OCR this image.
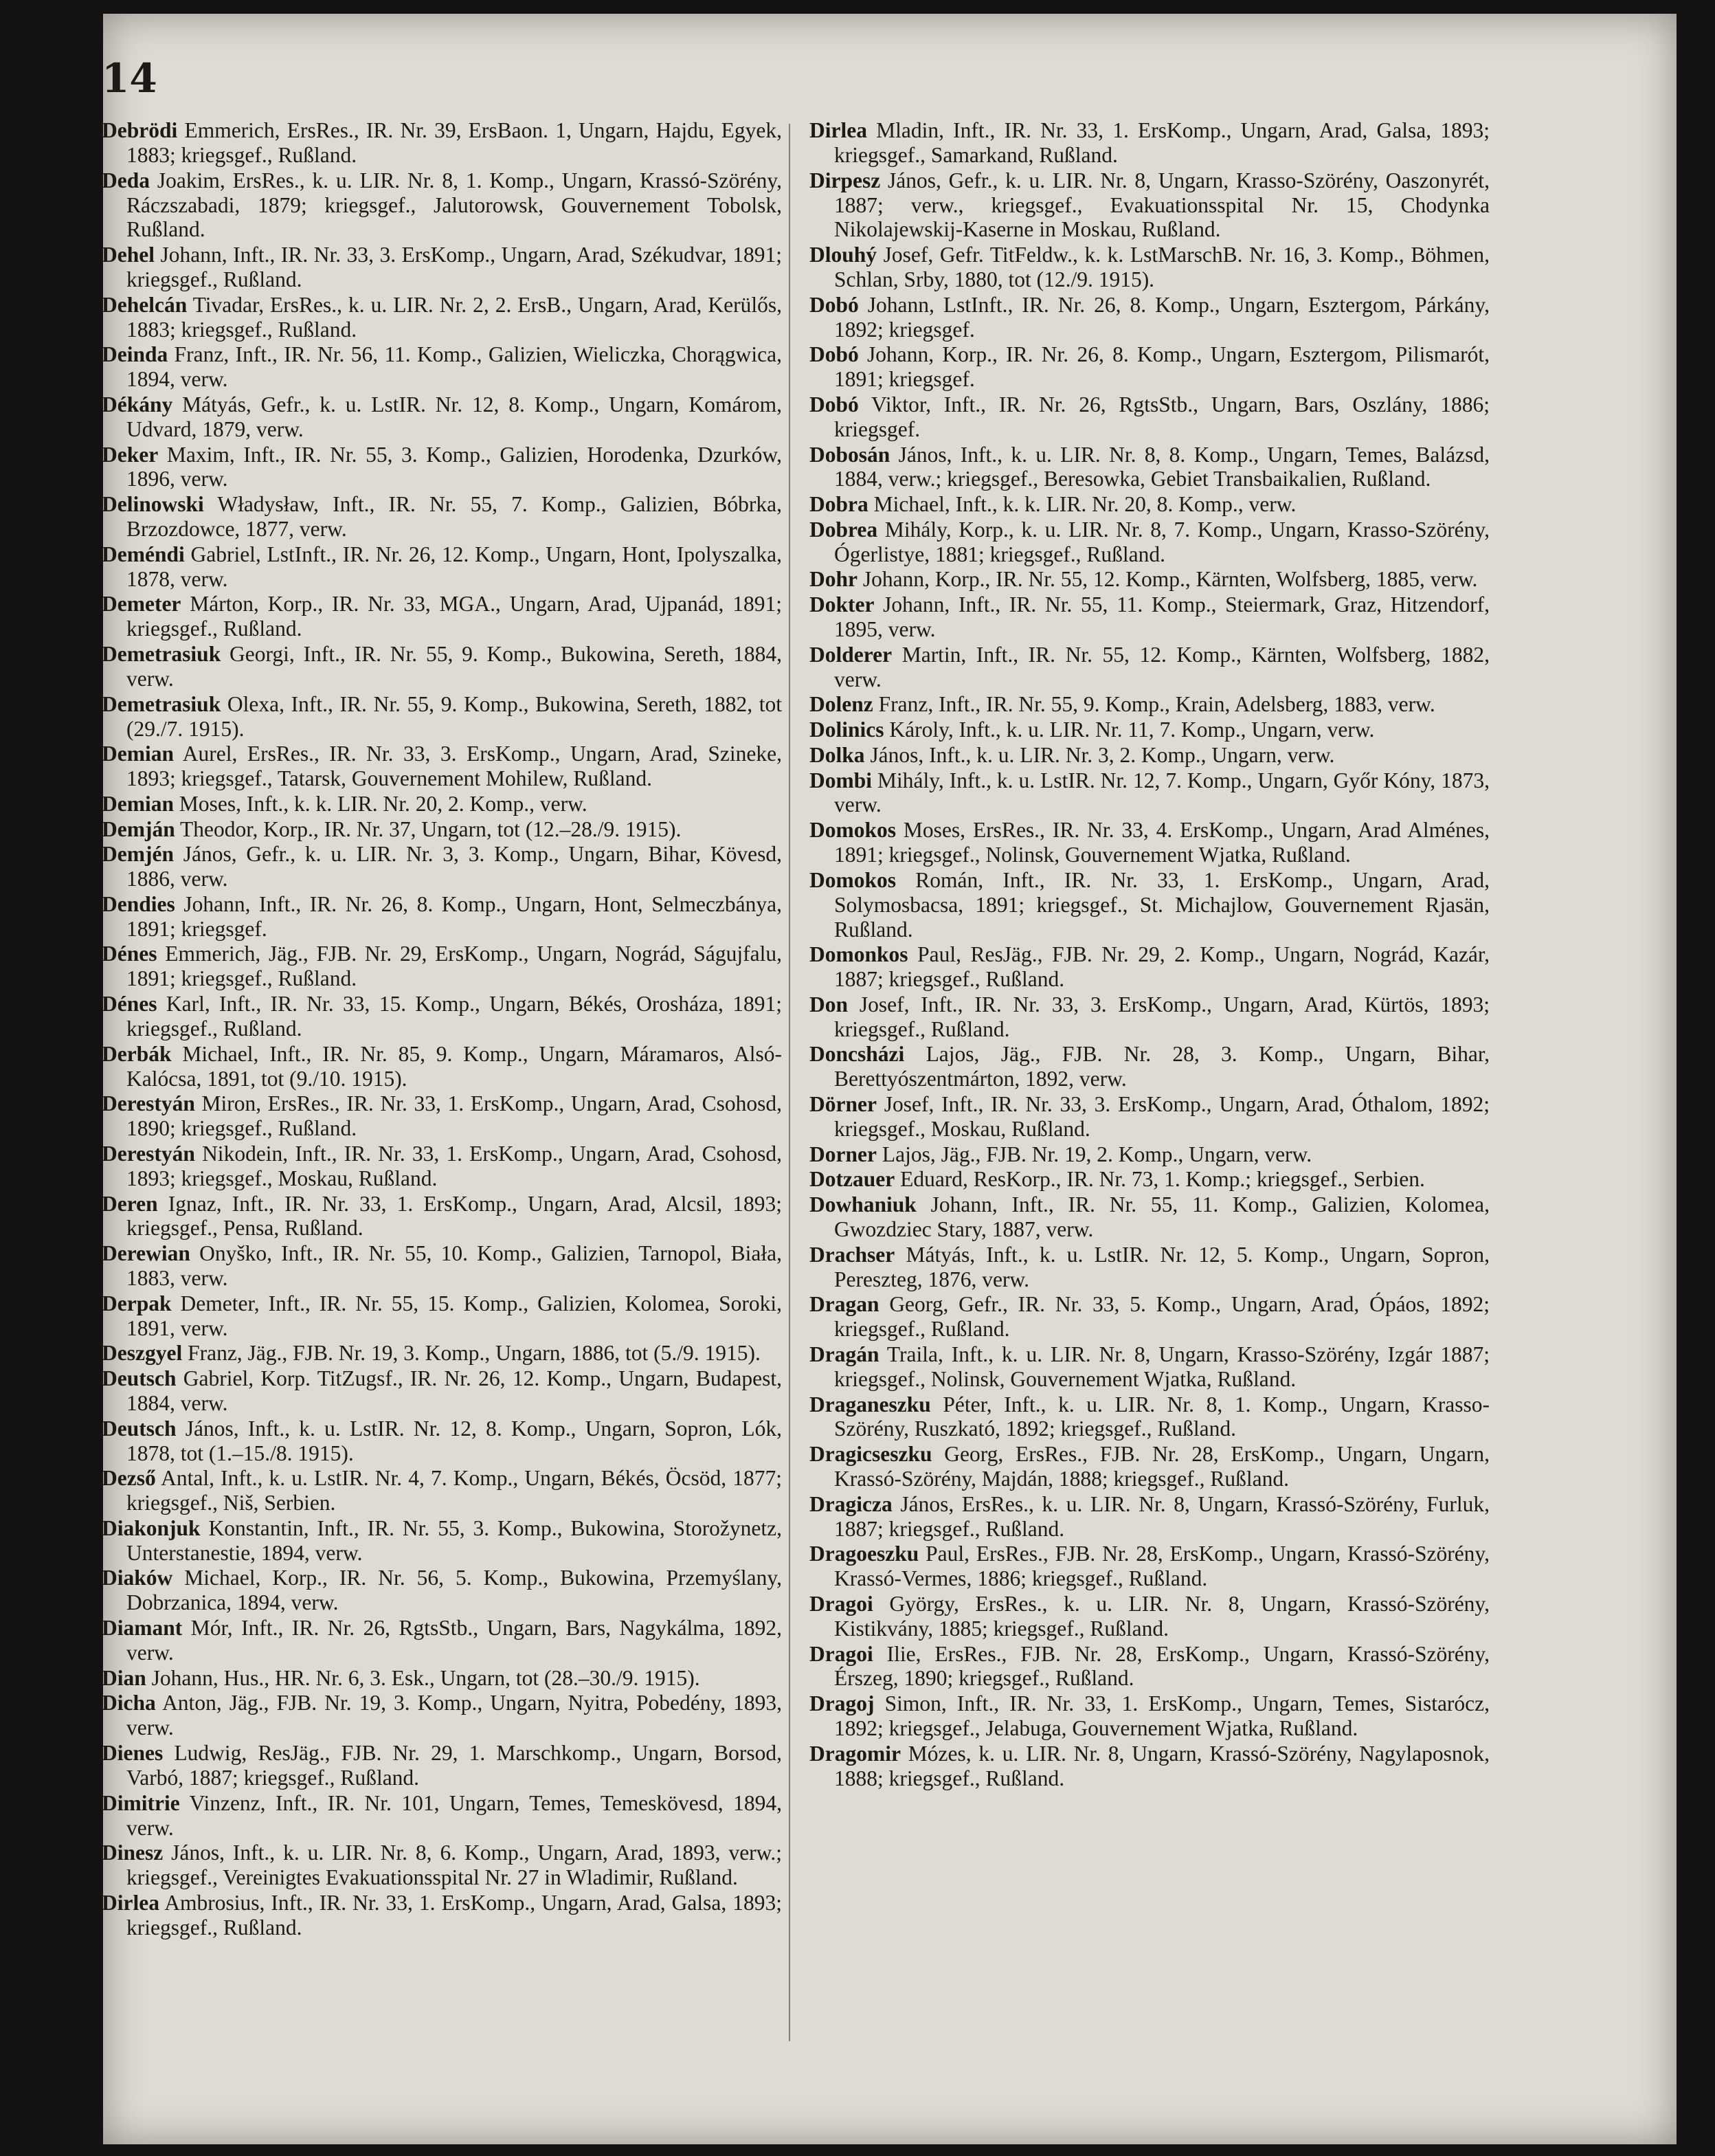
14

Debrödi Emmerich, ErsRes., IR. Nr. 39, ErsBaon. 1, Ungarn, Hajdu, Egyek, 1883; kriegsgef., Rußland.

Deda Joakim, ErsRes., k. u. LIR. Nr. 8, 1. Komp., Ungarn, Krassó-Szörény, Ráczszabadi, 1879; kriegsgef., Jalutorowsk, Gouvernement Tobolsk, Rußland.

Dehel Johann, Inft., IR. Nr. 33, 3. ErsKomp., Ungarn, Arad, Székudvar, 1891; kriegsgef., Rußland.

Dehelcán Tivadar, ErsRes., k. u. LIR. Nr. 2, 2. ErsB., Ungarn, Arad, Kerülős, 1883; kriegsgef., Rußland.

Deinda Franz, Inft., IR. Nr. 56, 11. Komp., Galizien, Wieliczka, Chorągwica, 1894, verw.

Dékány Mátyás, Gefr., k. u. LstIR. Nr. 12, 8. Komp., Ungarn, Komárom, Udvard, 1879, verw.

Deker Maxim, Inft., IR. Nr. 55, 3. Komp., Galizien, Horodenka, Dzurków, 1896, verw.

Delinowski Władysław, Inft., IR. Nr. 55, 7. Komp., Galizien, Bóbrka, Brzozdowce, 1877, verw.

Deméndi Gabriel, LstInft., IR. Nr. 26, 12. Komp., Ungarn, Hont, Ipolyszalka, 1878, verw.

Demeter Márton, Korp., IR. Nr. 33, MGA., Ungarn, Arad, Ujpanád, 1891; kriegsgef., Rußland.

Demetrasiuk Georgi, Inft., IR. Nr. 55, 9. Komp., Bukowina, Sereth, 1884, verw.

Demetrasiuk Olexa, Inft., IR. Nr. 55, 9. Komp., Bukowina, Sereth, 1882, tot (29./7. 1915).

Demian Aurel, ErsRes., IR. Nr. 33, 3. ErsKomp., Ungarn, Arad, Szineke, 1893; kriegsgef., Tatarsk, Gouvernement Mohilew, Rußland.

Demian Moses, Inft., k. k. LIR. Nr. 20, 2. Komp., verw.

Demján Theodor, Korp., IR. Nr. 37, Ungarn, tot (12.–28./9. 1915).

Demjén János, Gefr., k. u. LIR. Nr. 3, 3. Komp., Ungarn, Bihar, Kövesd, 1886, verw.

Dendies Johann, Inft., IR. Nr. 26, 8. Komp., Ungarn, Hont, Selmeczbánya, 1891; kriegsgef.

Dénes Emmerich, Jäg., FJB. Nr. 29, ErsKomp., Ungarn, Nográd, Ságujfalu, 1891; kriegsgef., Rußland.

Dénes Karl, Inft., IR. Nr. 33, 15. Komp., Ungarn, Békés, Orosháza, 1891; kriegsgef., Rußland.

Derbák Michael, Inft., IR. Nr. 85, 9. Komp., Ungarn, Máramaros, Alsó-Kalócsa, 1891, tot (9./10. 1915).

Derestyán Miron, ErsRes., IR. Nr. 33, 1. ErsKomp., Ungarn, Arad, Csohosd, 1890; kriegsgef., Rußland.

Derestyán Nikodein, Inft., IR. Nr. 33, 1. ErsKomp., Ungarn, Arad, Csohosd, 1893; kriegsgef., Moskau, Rußland.

Deren Ignaz, Inft., IR. Nr. 33, 1. ErsKomp., Ungarn, Arad, Alcsil, 1893; kriegsgef., Pensa, Rußland.

Derewian Onyško, Inft., IR. Nr. 55, 10. Komp., Galizien, Tarnopol, Biała, 1883, verw.

Derpak Demeter, Inft., IR. Nr. 55, 15. Komp., Galizien, Kolomea, Soroki, 1891, verw.

Deszgyel Franz, Jäg., FJB. Nr. 19, 3. Komp., Ungarn, 1886, tot (5./9. 1915).

Deutsch Gabriel, Korp. TitZugsf., IR. Nr. 26, 12. Komp., Ungarn, Budapest, 1884, verw.

Deutsch János, Inft., k. u. LstIR. Nr. 12, 8. Komp., Ungarn, Sopron, Lók, 1878, tot (1.–15./8. 1915).

Dezső Antal, Inft., k. u. LstIR. Nr. 4, 7. Komp., Ungarn, Békés, Öcsöd, 1877; kriegsgef., Niš, Serbien.

Diakonjuk Konstantin, Inft., IR. Nr. 55, 3. Komp., Bukowina, Storožynetz, Unterstanestie, 1894, verw.

Diaków Michael, Korp., IR. Nr. 56, 5. Komp., Bukowina, Przemyślany, Dobrzanica, 1894, verw.

Diamant Mór, Inft., IR. Nr. 26, RgtsStb., Ungarn, Bars, Nagykálma, 1892, verw.

Dian Johann, Hus., HR. Nr. 6, 3. Esk., Ungarn, tot (28.–30./9. 1915).

Dicha Anton, Jäg., FJB. Nr. 19, 3. Komp., Ungarn, Nyitra, Pobedény, 1893, verw.

Dienes Ludwig, ResJäg., FJB. Nr. 29, 1. Marschkomp., Ungarn, Borsod, Varbó, 1887; kriegsgef., Rußland.

Dimitrie Vinzenz, Inft., IR. Nr. 101, Ungarn, Temes, Temeskövesd, 1894, verw.

Dinesz János, Inft., k. u. LIR. Nr. 8, 6. Komp., Ungarn, Arad, 1893, verw.; kriegsgef., Vereinigtes Evakuationsspital Nr. 27 in Wladimir, Rußland.

Dirlea Ambrosius, Inft., IR. Nr. 33, 1. ErsKomp., Ungarn, Arad, Galsa, 1893; kriegsgef., Rußland.

Dirlea Mladin, Inft., IR. Nr. 33, 1. ErsKomp., Ungarn, Arad, Galsa, 1893; kriegsgef., Samarkand, Rußland.

Dirpesz János, Gefr., k. u. LIR. Nr. 8, Ungarn, Krasso-Szörény, Oaszonyrét, 1887; verw., kriegsgef., Evakuationsspital Nr. 15, Chodynka Nikolajewskij-Kaserne in Moskau, Rußland.

Dlouhý Josef, Gefr. TitFeldw., k. k. LstMarschB. Nr. 16, 3. Komp., Böhmen, Schlan, Srby, 1880, tot (12./9. 1915).

Dobó Johann, LstInft., IR. Nr. 26, 8. Komp., Ungarn, Esztergom, Párkány, 1892; kriegsgef.

Dobó Johann, Korp., IR. Nr. 26, 8. Komp., Ungarn, Esztergom, Pilismarót, 1891; kriegsgef.

Dobó Viktor, Inft., IR. Nr. 26, RgtsStb., Ungarn, Bars, Oszlány, 1886; kriegsgef.

Dobosán János, Inft., k. u. LIR. Nr. 8, 8. Komp., Ungarn, Temes, Balázsd, 1884, verw.; kriegsgef., Beresowka, Gebiet Transbaikalien, Rußland.

Dobra Michael, Inft., k. k. LIR. Nr. 20, 8. Komp., verw.

Dobrea Mihály, Korp., k. u. LIR. Nr. 8, 7. Komp., Ungarn, Krasso-Szörény, Ógerlistye, 1881; kriegsgef., Rußland.

Dohr Johann, Korp., IR. Nr. 55, 12. Komp., Kärnten, Wolfsberg, 1885, verw.

Dokter Johann, Inft., IR. Nr. 55, 11. Komp., Steiermark, Graz, Hitzendorf, 1895, verw.

Dolderer Martin, Inft., IR. Nr. 55, 12. Komp., Kärnten, Wolfsberg, 1882, verw.

Dolenz Franz, Inft., IR. Nr. 55, 9. Komp., Krain, Adelsberg, 1883, verw.

Dolinics Károly, Inft., k. u. LIR. Nr. 11, 7. Komp., Ungarn, verw.

Dolka János, Inft., k. u. LIR. Nr. 3, 2. Komp., Ungarn, verw.

Dombi Mihály, Inft., k. u. LstIR. Nr. 12, 7. Komp., Ungarn, Győr Kóny, 1873, verw.

Domokos Moses, ErsRes., IR. Nr. 33, 4. ErsKomp., Ungarn, Arad Alménes, 1891; kriegsgef., Nolinsk, Gouvernement Wjatka, Rußland.

Domokos Román, Inft., IR. Nr. 33, 1. ErsKomp., Ungarn, Arad, Solymosbacsa, 1891; kriegsgef., St. Michajlow, Gouvernement Rjasän, Rußland.

Domonkos Paul, ResJäg., FJB. Nr. 29, 2. Komp., Ungarn, Nográd, Kazár, 1887; kriegsgef., Rußland.

Don Josef, Inft., IR. Nr. 33, 3. ErsKomp., Ungarn, Arad, Kürtös, 1893; kriegsgef., Rußland.

Doncsházi Lajos, Jäg., FJB. Nr. 28, 3. Komp., Ungarn, Bihar, Berettyószentmárton, 1892, verw.

Dörner Josef, Inft., IR. Nr. 33, 3. ErsKomp., Ungarn, Arad, Óthalom, 1892; kriegsgef., Moskau, Rußland.

Dorner Lajos, Jäg., FJB. Nr. 19, 2. Komp., Ungarn, verw.

Dotzauer Eduard, ResKorp., IR. Nr. 73, 1. Komp.; kriegsgef., Serbien.

Dowhaniuk Johann, Inft., IR. Nr. 55, 11. Komp., Galizien, Kolomea, Gwozdziec Stary, 1887, verw.

Drachser Mátyás, Inft., k. u. LstIR. Nr. 12, 5. Komp., Ungarn, Sopron, Pereszteg, 1876, verw.

Dragan Georg, Gefr., IR. Nr. 33, 5. Komp., Ungarn, Arad, Ópáos, 1892; kriegsgef., Rußland.

Dragán Traila, Inft., k. u. LIR. Nr. 8, Ungarn, Krasso-Szörény, Izgár 1887; kriegsgef., Nolinsk, Gouvernement Wjatka, Rußland.

Draganeszku Péter, Inft., k. u. LIR. Nr. 8, 1. Komp., Ungarn, Krasso-Szörény, Ruszkató, 1892; kriegsgef., Rußland.

Dragicseszku Georg, ErsRes., FJB. Nr. 28, ErsKomp., Ungarn, Ungarn, Krassó-Szörény, Majdán, 1888; kriegsgef., Rußland.

Dragicza János, ErsRes., k. u. LIR. Nr. 8, Ungarn, Krassó-Szörény, Furluk, 1887; kriegsgef., Rußland.

Dragoeszku Paul, ErsRes., FJB. Nr. 28, ErsKomp., Ungarn, Krassó-Szörény, Krassó-Vermes, 1886; kriegsgef., Rußland.

Dragoi György, ErsRes., k. u. LIR. Nr. 8, Ungarn, Krassó-Szörény, Kistikvány, 1885; kriegsgef., Rußland.

Dragoi Ilie, ErsRes., FJB. Nr. 28, ErsKomp., Ungarn, Krassó-Szörény, Érszeg, 1890; kriegsgef., Rußland.

Dragoj Simon, Inft., IR. Nr. 33, 1. ErsKomp., Ungarn, Temes, Sistarócz, 1892; kriegsgef., Jelabuga, Gouvernement Wjatka, Rußland.

Dragomir Mózes, k. u. LIR. Nr. 8, Ungarn, Krassó-Szörény, Nagylaposnok, 1888; kriegsgef., Rußland.
